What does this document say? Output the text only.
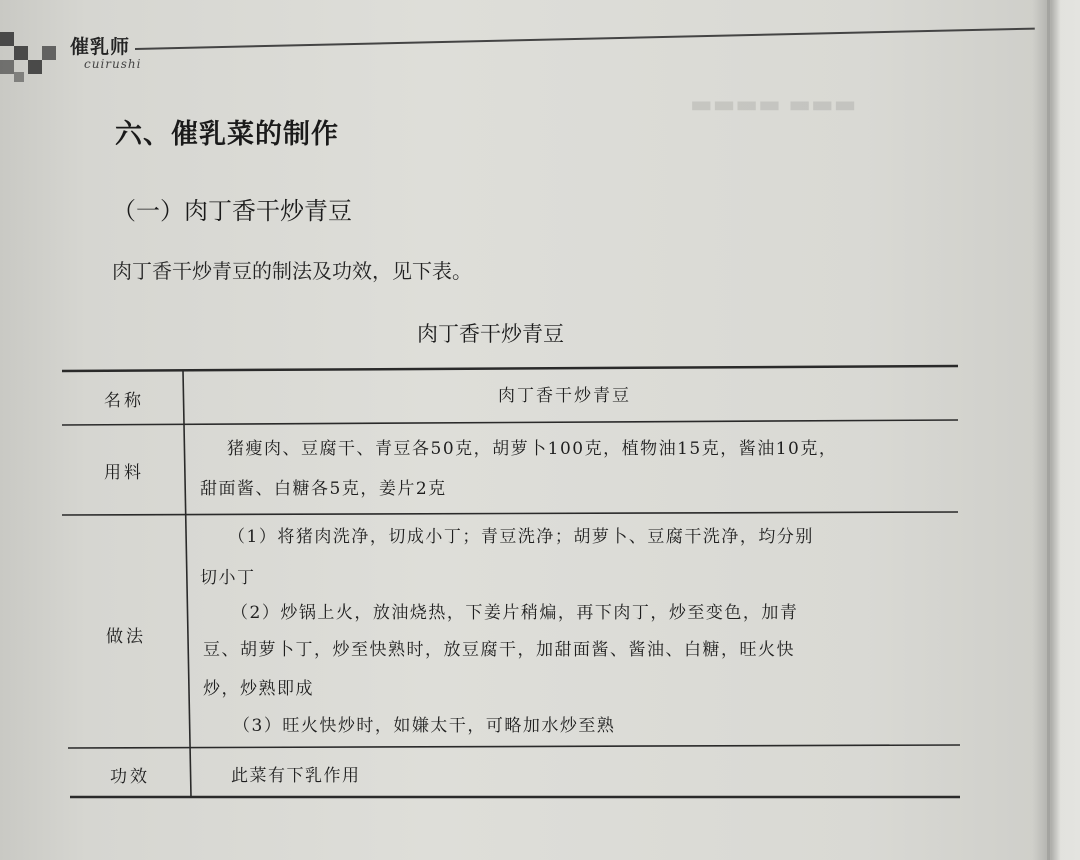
▬▬▬ ▬▬▬▬
催乳师
cuirushi
六、催乳菜的制作
（一）肉丁香干炒青豆
肉丁香干炒青豆的制法及功效，见下表。
肉丁香干炒青豆
名称
用料
做法
功效
肉丁香干炒青豆
猪瘦肉、豆腐干、青豆各50克，胡萝卜100克，植物油15克，酱油10克，
甜面酱、白糖各5克，姜片2克
（1）将猪肉洗净，切成小丁；青豆洗净；胡萝卜、豆腐干洗净，均分别
切小丁
（2）炒锅上火，放油烧热，下姜片稍煸，再下肉丁，炒至变色，加青
豆、胡萝卜丁，炒至快熟时，放豆腐干，加甜面酱、酱油、白糖，旺火快
炒，炒熟即成
（3）旺火快炒时，如嫌太干，可略加水炒至熟
此菜有下乳作用
